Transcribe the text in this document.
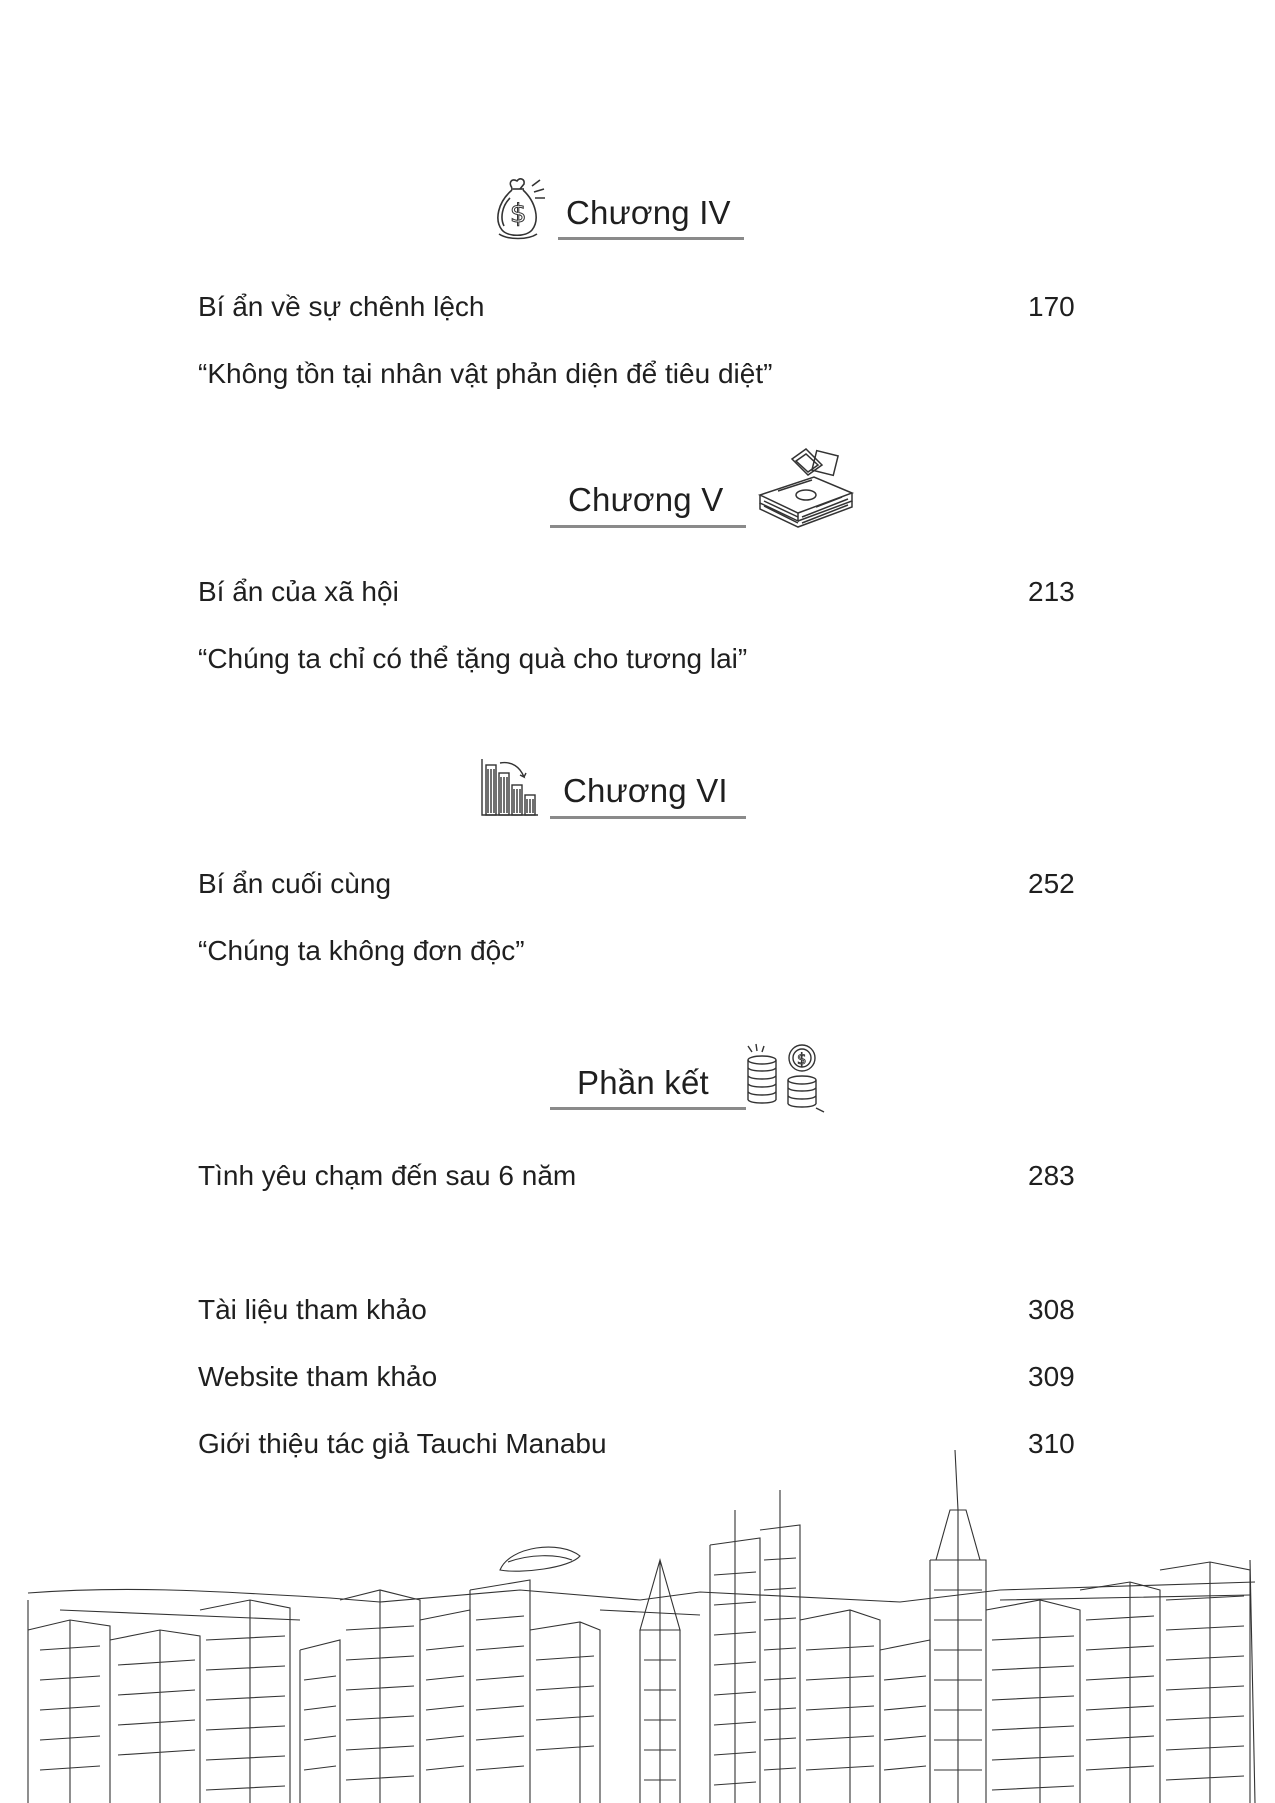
$ Chương IV
Bí ẩn về sự chênh lệch	170
“Không tồn tại nhân vật phản diện để tiêu diệt”
Chương V
Bí ẩn của xã hội	213
“Chúng ta chỉ có thể tặng quà cho tương lai”
Chương VI
Bí ẩn cuối cùng	252
“Chúng ta không đơn độc”
Phần kết
$
Tình yêu chạm đến sau 6 năm	283
Tài liệu tham khảo	308
Website tham khảo	309
Giới thiệu tác giả Tauchi Manabu	310
